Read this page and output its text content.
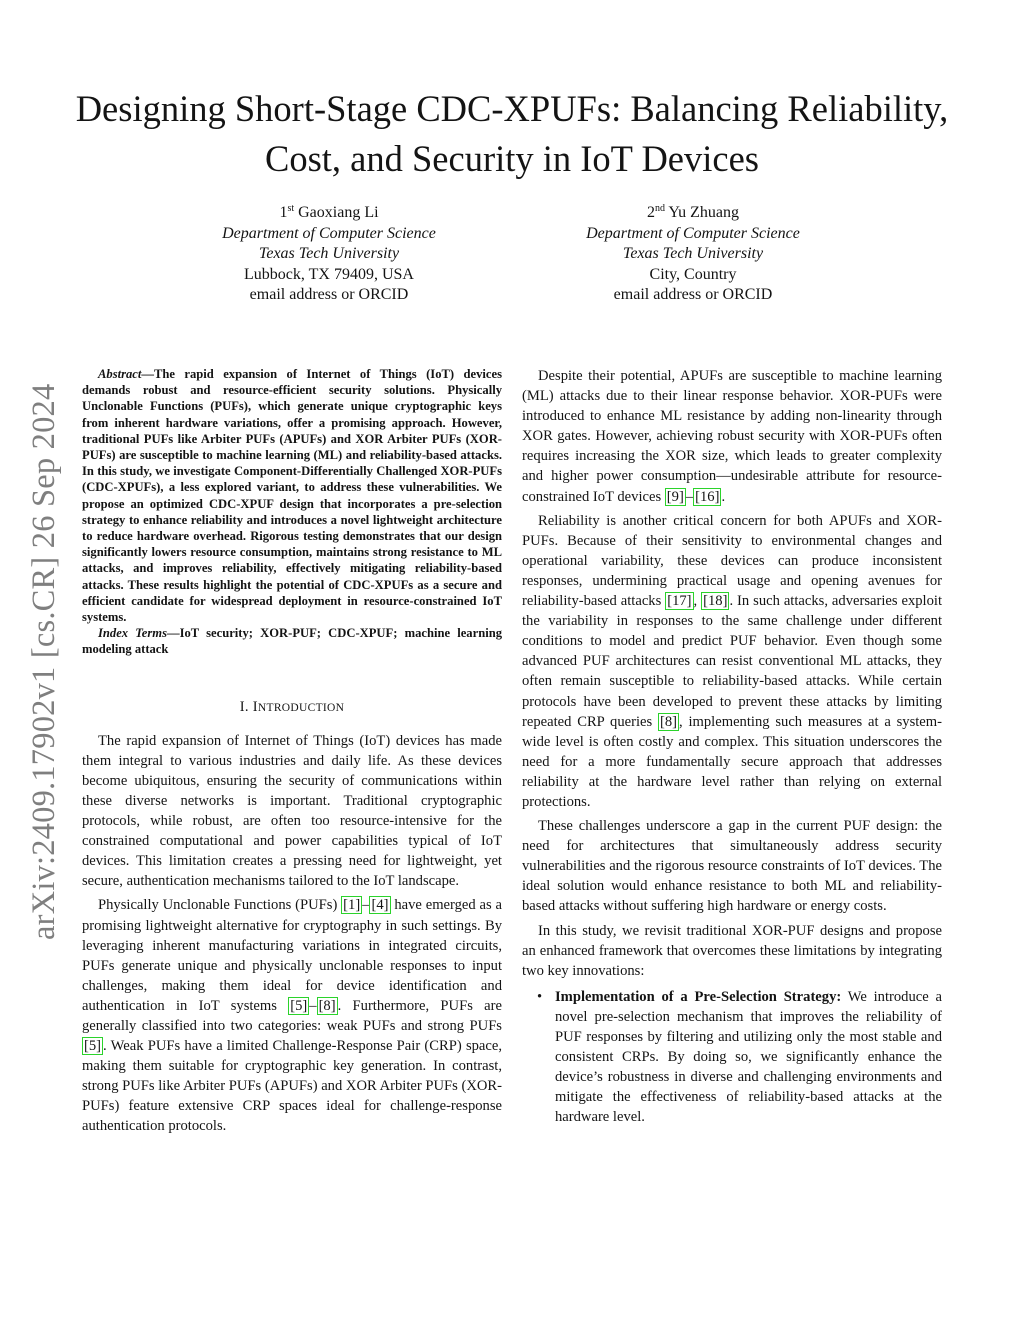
Designing Short-Stage CDC-XPUFs: Balancing Reliability, Cost, and Security in IoT Devices
1st Gaoxiang Li
Department of Computer Science
Texas Tech University
Lubbock, TX 79409, USA
email address or ORCID
2nd Yu Zhuang
Department of Computer Science
Texas Tech University
City, Country
email address or ORCID
arXiv:2409.17902v1 [cs.CR] 26 Sep 2024

Abstract—The rapid expansion of Internet of Things (IoT) devices demands robust and resource-efficient security solutions. Physically Unclonable Functions (PUFs), which generate unique cryptographic keys from inherent hardware variations, offer a promising approach. However, traditional PUFs like Arbiter PUFs (APUFs) and XOR Arbiter PUFs (XOR-PUFs) are susceptible to machine learning (ML) and reliability-based attacks. In this study, we investigate Component-Differentially Challenged XOR-PUFs (CDC-XPUFs), a less explored variant, to address these vulnerabilities. We propose an optimized CDC-XPUF design that incorporates a pre-selection strategy to enhance reliability and introduces a novel lightweight architecture to reduce hardware overhead. Rigorous testing demonstrates that our design significantly lowers resource consumption, maintains strong resistance to ML attacks, and improves reliability, effectively mitigating reliability-based attacks. These results highlight the potential of CDC-XPUFs as a secure and efficient candidate for widespread deployment in resource-constrained IoT systems.

Index Terms—IoT security; XOR-PUF; CDC-XPUF; machine learning modeling attack

I. INTRODUCTION

The rapid expansion of Internet of Things (IoT) devices has made them integral to various industries and daily life. As these devices become ubiquitous, ensuring the security of communications within these diverse networks is important. Traditional cryptographic protocols, while robust, are often too resource-intensive for the constrained computational and power capabilities typical of IoT devices. This limitation creates a pressing need for lightweight, yet secure, authentication mechanisms tailored to the IoT landscape.

Physically Unclonable Functions (PUFs) [1] – [4] have emerged as a promising lightweight alternative for cryptography in such settings. By leveraging inherent manufacturing variations in integrated circuits, PUFs generate unique and physically unclonable responses to input challenges, making them ideal for device identification and authentication in IoT systems [5] – [8] . Furthermore, PUFs are generally classified into two categories: weak PUFs and strong PUFs [5] . Weak PUFs have a limited Challenge-Response Pair (CRP) space, making them suitable for cryptographic key generation. In contrast, strong PUFs like Arbiter PUFs (APUFs) and XOR Arbiter PUFs (XOR-PUFs) feature extensive CRP spaces ideal for challenge-response authentication protocols.

Despite their potential, APUFs are susceptible to machine learning (ML) attacks due to their linear response behavior. XOR-PUFs were introduced to enhance ML resistance by adding non-linearity through XOR gates. However, achieving robust security with XOR-PUFs often requires increasing the XOR size, which leads to greater complexity and higher power consumption—undesirable attribute for resource-constrained IoT devices [9] – [16] .

Reliability is another critical concern for both APUFs and XOR-PUFs. Because of their sensitivity to environmental changes and operational variability, these devices can produce inconsistent responses, undermining practical usage and opening avenues for reliability-based attacks [17] , [18] . In such attacks, adversaries exploit the variability in responses to the same challenge under different conditions to model and predict PUF behavior. Even though some advanced PUF architectures can resist conventional ML attacks, they often remain susceptible to reliability-based attacks. While certain protocols have been developed to prevent these attacks by limiting repeated CRP queries [8] , implementing such measures at a system-wide level is often costly and complex. This situation underscores the need for a more fundamentally secure approach that addresses reliability at the hardware level rather than relying on external protections.

These challenges underscore a gap in the current PUF design: the need for architectures that simultaneously address security vulnerabilities and the rigorous resource constraints of IoT devices. The ideal solution would enhance resistance to both ML and reliability-based attacks without suffering high hardware or energy costs.

In this study, we revisit traditional XOR-PUF designs and propose an enhanced framework that overcomes these limitations by integrating two key innovations:

• Implementation of a Pre-Selection Strategy: We introduce a novel pre-selection mechanism that improves the reliability of PUF responses by filtering and utilizing only the most stable and consistent CRPs. By doing so, we significantly enhance the device’s robustness in diverse and challenging environments and mitigate the effectiveness of reliability-based attacks at the hardware level.
